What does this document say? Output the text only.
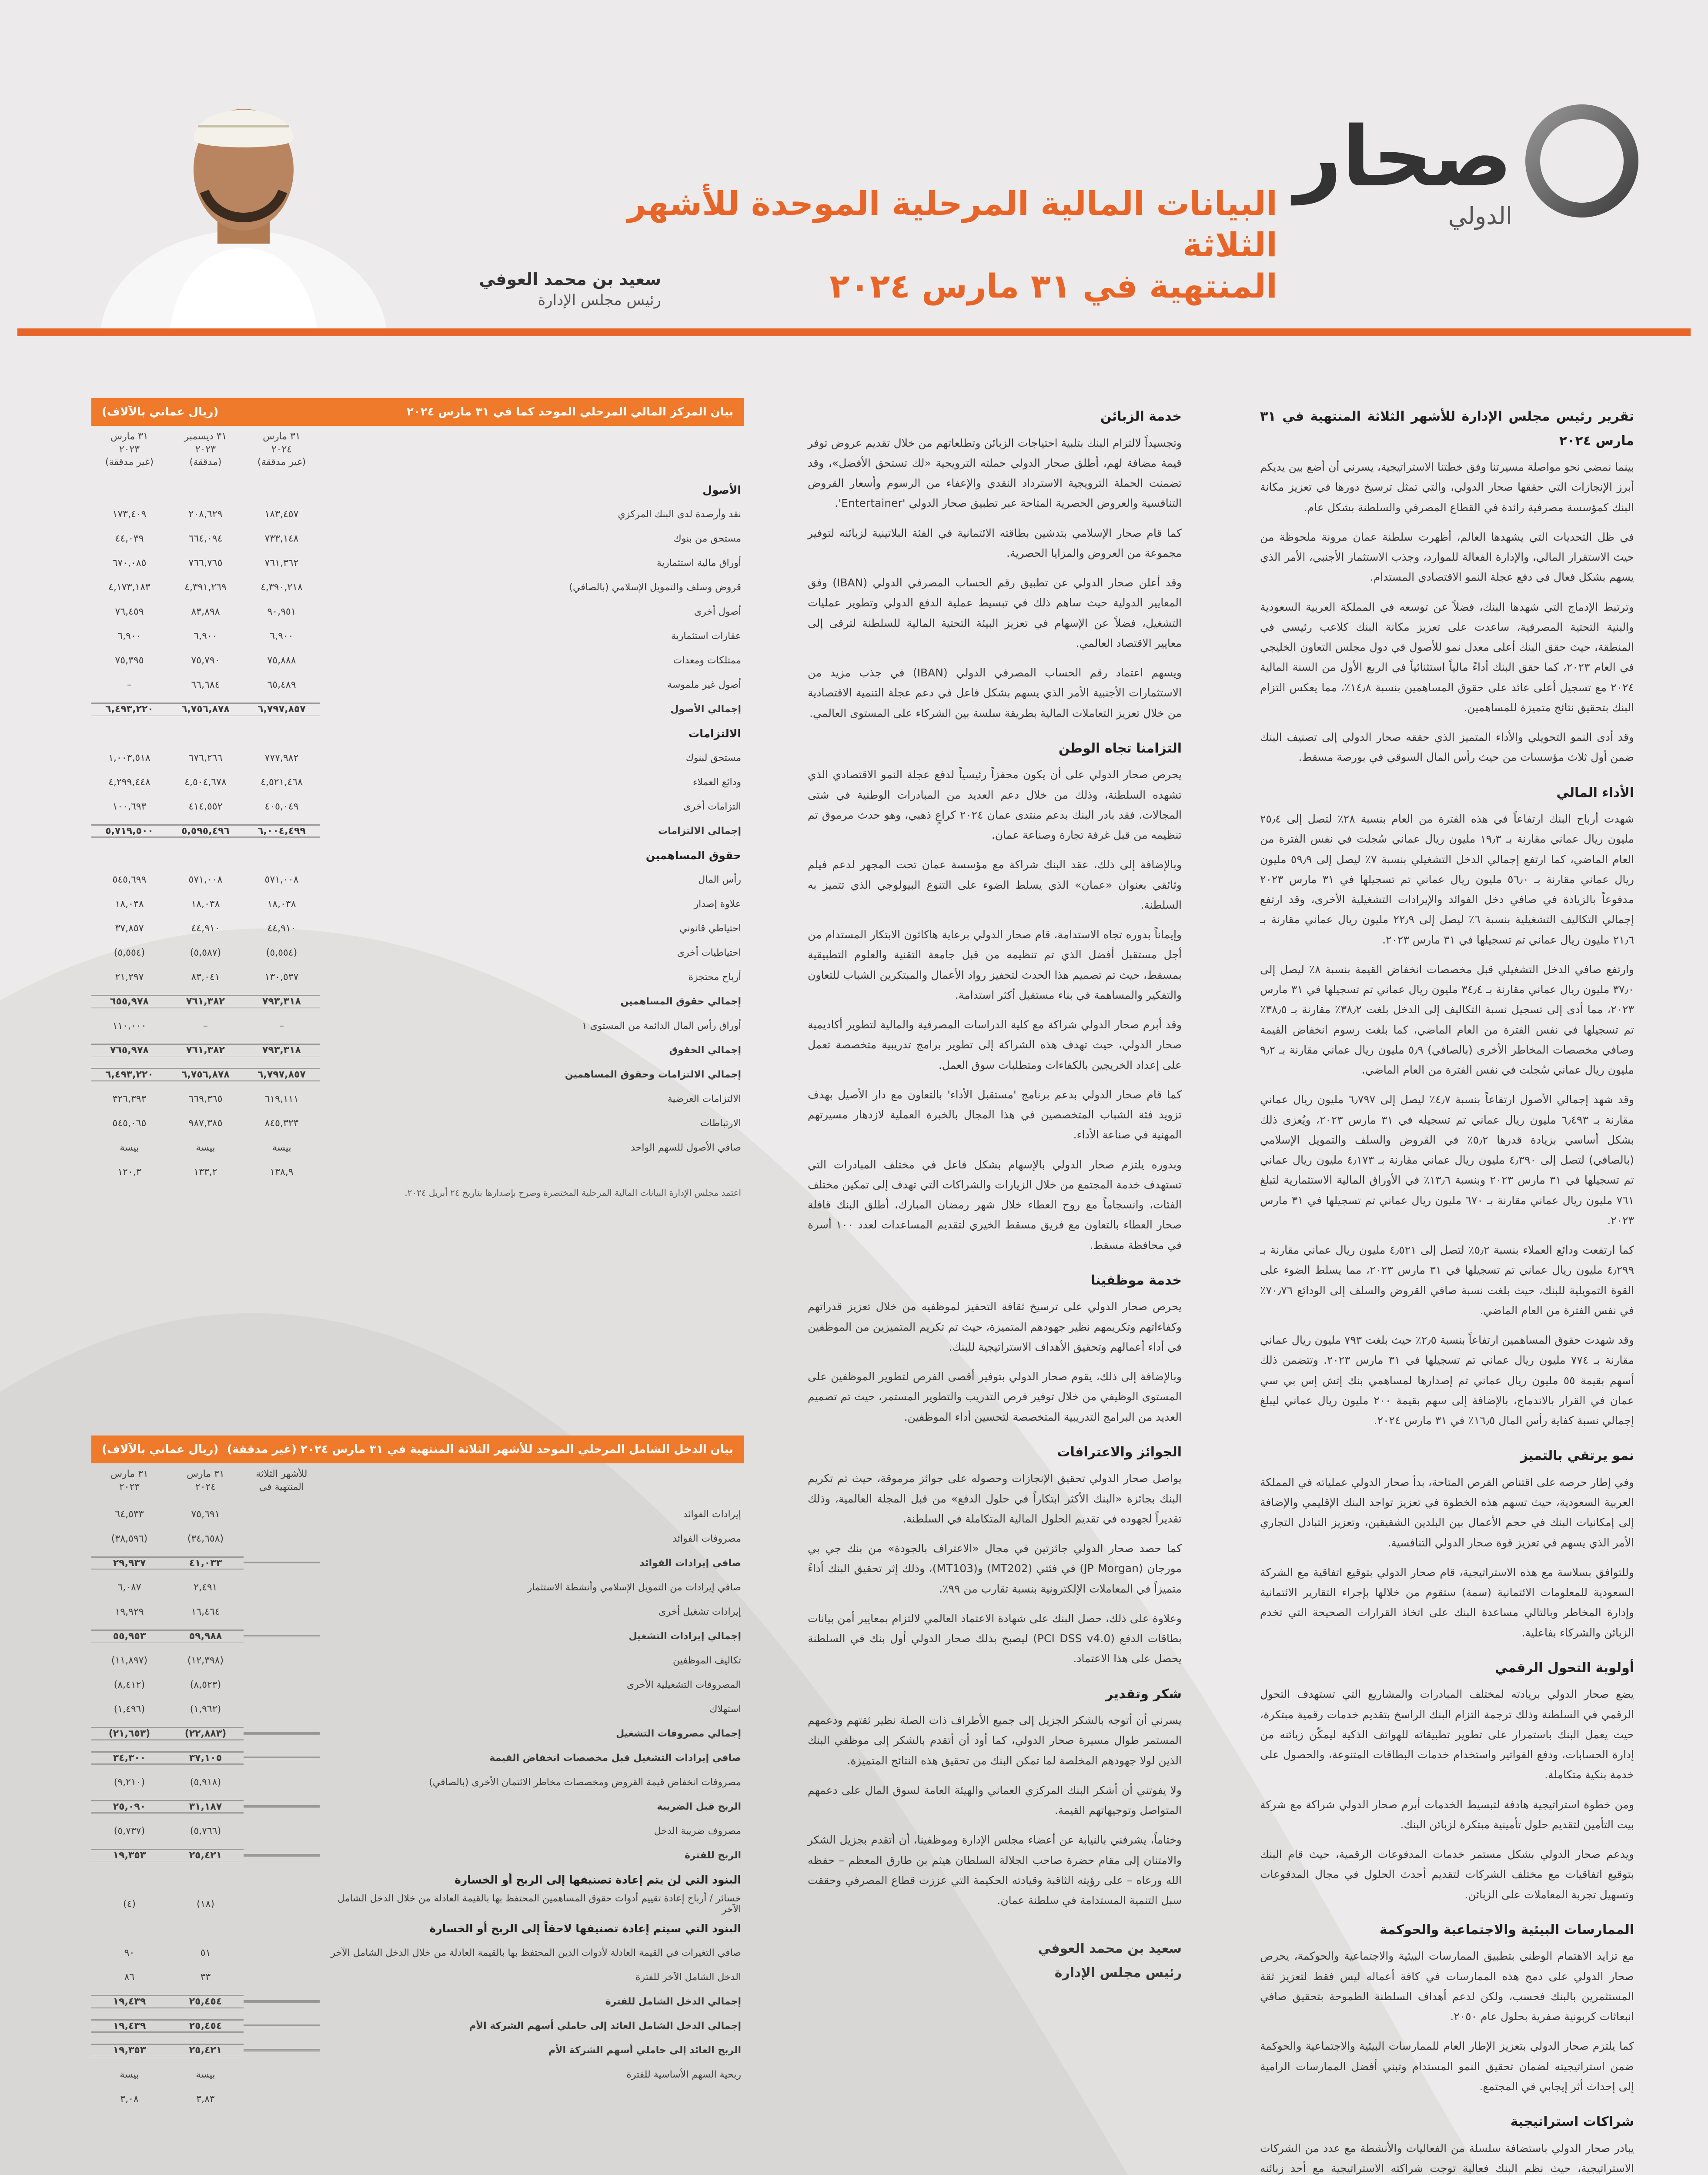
صحار
الدولي
البيانات المالية المرحلية الموحدة للأشهر الثلاثة
المنتهية في ٣١ مارس ٢٠٢٤
سعيد بن محمد العوفي
رئيس مجلس الإدارة
تقرير رئيس مجلس الإدارة للأشهر الثلاثة المنتهية في ٣١ مارس ٢٠٢٤

بينما نمضي نحو مواصلة مسيرتنا وفق خطتنا الاستراتيجية، يسرني أن أضع بين يديكم أبرز الإنجازات التي حققها صحار الدولي، والتي تمثل ترسيخ دورها في تعزيز مكانة البنك كمؤسسة مصرفية رائدة في القطاع المصرفي والسلطنة بشكل عام.

في ظل التحديات التي يشهدها العالم، أظهرت سلطنة عمان مرونة ملحوظة من حيث الاستقرار المالي، والإدارة الفعالة للموارد، وجذب الاستثمار الأجنبي، الأمر الذي يسهم بشكل فعال في دفع عجلة النمو الاقتصادي المستدام.

وترتبط الإدماج التي شهدها البنك، فضلاً عن توسعه في المملكة العربية السعودية والبنية التحتية المصرفية، ساعدت على تعزيز مكانة البنك كلاعب رئيسي في المنطقة، حيث حقق البنك أعلى معدل نمو للأصول في دول مجلس التعاون الخليجي في العام ٢٠٢٣، كما حقق البنك أداءً مالياً استثنائياً في الربع الأول من السنة المالية ٢٠٢٤ مع تسجيل أعلى عائد على حقوق المساهمين بنسبة ١٤٫٨٪، مما يعكس التزام البنك بتحقيق نتائج متميزة للمساهمين.

وقد أدى النمو التحويلي والأداء المتميز الذي حققه صحار الدولي إلى تصنيف البنك ضمن أول ثلاث مؤسسات من حيث رأس المال السوقي في بورصة مسقط.

الأداء المالي

شهدت أرباح البنك ارتفاعاً في هذه الفترة من العام بنسبة ٢٨٪ لتصل إلى ٢٥٫٤ مليون ريال عماني مقارنة بـ ١٩٫٣ مليون ريال عماني سُجلت في نفس الفترة من العام الماضي، كما ارتفع إجمالي الدخل التشغيلي بنسبة ٧٪ ليصل إلى ٥٩٫٩ مليون ريال عماني مقارنة بـ ٥٦٫٠ مليون ريال عماني تم تسجيلها في ٣١ مارس ٢٠٢٣ مدفوعاً بالزيادة في صافي دخل الفوائد والإيرادات التشغيلية الأخرى، وقد ارتفع إجمالي التكاليف التشغيلية بنسبة ٦٪ ليصل إلى ٢٢٫٩ مليون ريال عماني مقارنة بـ ٢١٫٦ مليون ريال عماني تم تسجيلها في ٣١ مارس ٢٠٢٣.

وارتفع صافي الدخل التشغيلي قبل مخصصات انخفاض القيمة بنسبة ٨٪ ليصل إلى ٣٧٫٠ مليون ريال عماني مقارنة بـ ٣٤٫٤ مليون ريال عماني تم تسجيلها في ٣١ مارس ٢٠٢٣، مما أدى إلى تسجيل نسبة التكاليف إلى الدخل بلغت ٣٨٫٢٪ مقارنة بـ ٣٨٫٥٪ تم تسجيلها في نفس الفترة من العام الماضي، كما بلغت رسوم انخفاض القيمة وصافي مخصصات المخاطر الأخرى (بالصافي) ٥٫٩ مليون ريال عماني مقارنة بـ ٩٫٢ مليون ريال عماني سُجلت في نفس الفترة من العام الماضي.

وقد شهد إجمالي الأصول ارتفاعاً بنسبة ٤٫٧٪ ليصل إلى ٦٫٧٩٧ مليون ريال عماني مقارنة بـ ٦٫٤٩٣ مليون ريال عماني تم تسجيله في ٣١ مارس ٢٠٢٣، ويُعزى ذلك بشكل أساسي بزيادة قدرها ٥٫٢٪ في القروض والسلف والتمويل الإسلامي (بالصافي) لتصل إلى ٤٫٣٩٠ مليون ريال عماني مقارنة بـ ٤٫١٧٣ مليون ريال عماني تم تسجيلها في ٣١ مارس ٢٠٢٣ وبنسبة ١٣٫٦٪ في الأوراق المالية الاستثمارية لتبلغ ٧٦١ مليون ريال عماني مقارنة بـ ٦٧٠ مليون ريال عماني تم تسجيلها في ٣١ مارس ٢٠٢٣.

كما ارتفعت ودائع العملاء بنسبة ٥٫٢٪ لتصل إلى ٤٫٥٢١ مليون ريال عماني مقارنة بـ ٤٫٢٩٩ مليون ريال عماني تم تسجيلها في ٣١ مارس ٢٠٢٣، مما يسلط الضوء على القوة التمويلية للبنك، حيث بلغت نسبة صافي القروض والسلف إلى الودائع ٧٠٫٧٦٪ في نفس الفترة من العام الماضي.

وقد شهدت حقوق المساهمين ارتفاعاً بنسبة ٢٫٥٪ حيث بلغت ٧٩٣ مليون ريال عماني مقارنة بـ ٧٧٤ مليون ريال عماني تم تسجيلها في ٣١ مارس ٢٠٢٣. وتتضمن ذلك أسهم بقيمة ٥٥ مليون ريال عماني تم إصدارها لمساهمي بنك إتش إس بي سي عمان في القرار بالاندماج، بالإضافة إلى سهم بقيمة ٢٠٠ مليون ريال عماني ليبلغ إجمالي نسبة كفاية رأس المال ١٦٫٥٪ في ٣١ مارس ٢٠٢٤.

نمو يرتقي بالتميز

وفي إطار حرصه على اقتناص الفرص المتاحة، بدأ صحار الدولي عملياته في المملكة العربية السعودية، حيث تسهم هذه الخطوة في تعزيز تواجد البنك الإقليمي والإضافة إلى إمكانيات البنك في حجم الأعمال بين البلدين الشقيقين، وتعزيز التبادل التجاري الأمر الذي يسهم في تعزيز قوة صحار الدولي التنافسية.

وللتوافق بسلاسة مع هذه الاستراتيجية، قام صحار الدولي بتوقيع اتفاقية مع الشركة السعودية للمعلومات الائتمانية (سمة) ستقوم من خلالها بإجراء التقارير الائتمانية وإدارة المخاطر وبالتالي مساعدة البنك على اتخاذ القرارات الصحيحة التي تخدم الزبائن والشركاء بفاعلية.

أولوية التحول الرقمي

يضع صحار الدولي بريادته لمختلف المبادرات والمشاريع التي تستهدف التحول الرقمي في السلطنة وذلك ترجمة التزام البنك الراسخ بتقديم خدمات رقمية مبتكرة، حيث يعمل البنك باستمرار على تطوير تطبيقاته للهواتف الذكية ليمكّن زبائنه من إدارة الحسابات، ودفع الفواتير واستخدام خدمات البطاقات المتنوعة، والحصول على خدمة بنكية متكاملة.

ومن خطوة استراتيجية هادفة لتبسيط الخدمات أبرم صحار الدولي شراكة مع شركة بيت التأمين لتقديم حلول تأمينية مبتكرة لزبائن البنك.

ويدعم صحار الدولي بشكل مستمر خدمات المدفوعات الرقمية، حيث قام البنك بتوقيع اتفاقيات مع مختلف الشركات لتقديم أحدث الحلول في مجال المدفوعات وتسهيل تجربة المعاملات على الزبائن.

الممارسات البيئية والاجتماعية والحوكمة

مع تزايد الاهتمام الوطني بتطبيق الممارسات البيئية والاجتماعية والحوكمة، يحرص صحار الدولي على دمج هذه الممارسات في كافة أعماله ليس فقط لتعزيز ثقة المستثمرين بالبنك فحسب، ولكن لدعم أهداف السلطنة الطموحة بتحقيق صافي انبعاثات كربونية صفرية بحلول عام ٢٠٥٠.

كما يلتزم صحار الدولي بتعزيز الإطار العام للممارسات البيئية والاجتماعية والحوكمة ضمن استراتيجيته لضمان تحقيق النمو المستدام وتبني أفضل الممارسات الرامية إلى إحداث أثر إيجابي في المجتمع.

شراكات استراتيجية

يبادر صحار الدولي باستضافة سلسلة من الفعاليات والأنشطة مع عدد من الشركات الاستراتيجية، حيث نظم البنك فعالية توجت شراكته الاستراتيجية مع أحد زبائنه

خدمة الزبائن

وتجسيداً لالتزام البنك بتلبية احتياجات الزبائن وتطلعاتهم من خلال تقديم عروض توفر قيمة مضافة لهم، أطلق صحار الدولي حملته الترويجية «لك تستحق الأفضل»، وقد تضمنت الحملة الترويجية الاسترداد النقدي والإعفاء من الرسوم وأسعار القروض التنافسية والعروض الحصرية المتاحة عبر تطبيق صحار الدولي 'Entertainer'.

كما قام صحار الإسلامي بتدشين بطاقته الائتمانية في الفئة البلاتينية لزبائنه لتوفير مجموعة من العروض والمزايا الحصرية.

وقد أعلن صحار الدولي عن تطبيق رقم الحساب المصرفي الدولي (IBAN) وفق المعايير الدولية حيث ساهم ذلك في تبسيط عملية الدفع الدولي وتطوير عمليات التشغيل، فضلاً عن الإسهام في تعزيز البيئة التحتية المالية للسلطنة لترقى إلى معايير الاقتصاد العالمي.

ويسهم اعتماد رقم الحساب المصرفي الدولي (IBAN) في جذب مزيد من الاستثمارات الأجنبية الأمر الذي يسهم بشكل فاعل في دعم عجلة التنمية الاقتصادية من خلال تعزيز التعاملات المالية بطريقة سلسة بين الشركاء على المستوى العالمي.

التزامنا تجاه الوطن

يحرص صحار الدولي على أن يكون محفزاً رئيسياً لدفع عجلة النمو الاقتصادي الذي تشهده السلطنة، وذلك من خلال دعم العديد من المبادرات الوطنية في شتى المجالات. فقد بادر البنك بدعم منتدى عمان ٢٠٢٤ كراعٍ ذهبي، وهو حدث مرموق تم تنظيمه من قبل غرفة تجارة وصناعة عمان.

وبالإضافة إلى ذلك، عقد البنك شراكة مع مؤسسة عمان تحت المجهر لدعم فيلم وثائقي بعنوان «عمان» الذي يسلط الضوء على التنوع البيولوجي الذي تتميز به السلطنة.

وإيماناً بدوره تجاه الاستدامة، قام صحار الدولي برعاية هاكاثون الابتكار المستدام من أجل مستقبل أفضل الذي تم تنظيمه من قبل جامعة التقنية والعلوم التطبيقية بمسقط، حيث تم تصميم هذا الحدث لتحفيز رواد الأعمال والمبتكرين الشباب للتعاون والتفكير والمساهمة في بناء مستقبل أكثر استدامة.

وقد أبرم صحار الدولي شراكة مع كلية الدراسات المصرفية والمالية لتطوير أكاديمية صحار الدولي، حيث تهدف هذه الشراكة إلى تطوير برامج تدريبية متخصصة تعمل على إعداد الخريجين بالكفاءات ومتطلبات سوق العمل.

كما قام صحار الدولي بدعم برنامج 'مستقبل الأداء' بالتعاون مع دار الأصيل بهدف تزويد فئة الشباب المتخصصين في هذا المجال بالخبرة العملية لازدهار مسيرتهم المهنية في صناعة الأداء.

وبدوره يلتزم صحار الدولي بالإسهام بشكل فاعل في مختلف المبادرات التي تستهدف خدمة المجتمع من خلال الزيارات والشراكات التي تهدف إلى تمكين مختلف الفئات، وانسجاماً مع روح العطاء خلال شهر رمضان المبارك، أطلق البنك قافلة صحار العطاء بالتعاون مع فريق مسقط الخيري لتقديم المساعدات لعدد ١٠٠ أسرة في محافظة مسقط.

خدمة موظفينا

يحرص صحار الدولي على ترسيخ ثقافة التحفيز لموظفيه من خلال تعزيز قدراتهم وكفاءاتهم وتكريمهم نظير جهودهم المتميزة، حيث تم تكريم المتميزين من الموظفين في أداء أعمالهم وتحقيق الأهداف الاستراتيجية للبنك.

وبالإضافة إلى ذلك، يقوم صحار الدولي بتوفير أقصى الفرص لتطوير الموظفين على المستوى الوظيفي من خلال توفير فرص التدريب والتطوير المستمر، حيث تم تصميم العديد من البرامج التدريبية المتخصصة لتحسين أداء الموظفين.

الجوائز والاعترافات

يواصل صحار الدولي تحقيق الإنجازات وحصوله على جوائز مرموقة، حيث تم تكريم البنك بجائزة «البنك الأكثر ابتكاراً في حلول الدفع» من قبل المجلة العالمية، وذلك تقديراً لجهوده في تقديم الحلول المالية المتكاملة في السلطنة.

كما حصد صحار الدولي جائزتين في مجال «الاعتراف بالجودة» من بنك جي بي مورجان (JP Morgan) في فئتي (MT202) و(MT103)، وذلك إثر تحقيق البنك أداءً متميزاً في المعاملات الإلكترونية بنسبة تقارب من ٩٩٪.

وعلاوة على ذلك، حصل البنك على شهادة الاعتماد العالمي لالتزام بمعايير أمن بيانات بطاقات الدفع (PCI DSS v4.0) ليصبح بذلك صحار الدولي أول بنك في السلطنة يحصل على هذا الاعتماد.

شكر وتقدير

يسرني أن أتوجه بالشكر الجزيل إلى جميع الأطراف ذات الصلة نظير ثقتهم ودعمهم المستمر طوال مسيرة صحار الدولي، كما أود أن أتقدم بالشكر إلى موظفي البنك الذين لولا جهودهم المخلصة لما تمكن البنك من تحقيق هذه النتائج المتميزة.

ولا يفوتني أن أشكر البنك المركزي العماني والهيئة العامة لسوق المال على دعمهم المتواصل وتوجيهاتهم القيمة.

وختاماً، يشرفني بالنيابة عن أعضاء مجلس الإدارة وموظفينا، أن أتقدم بجزيل الشكر والامتنان إلى مقام حضرة صاحب الجلالة السلطان هيثم بن طارق المعظم – حفظه الله ورعاه – على رؤيته الثاقبة وقيادته الحكيمة التي عززت قطاع المصرفي وحققت سبل التنمية المستدامة في سلطنة عمان.

سعيد بن محمد العوفي
رئيس مجلس الإدارة
بيان المركز المالي المرحلي الموحد كما في ٣١ مارس ٢٠٢٤
(ريال عماني بالآلاف)
٣١ مارس
٢٠٢٤
(غير مدققة)
٣١ ديسمبر
٢٠٢٣
(مدققة)
٣١ مارس
٢٠٢٣
(غير مدققة)
الأصول
نقد وأرصدة لدى البنك المركزي
١٨٣,٤٥٧
٢٠٨,٦٢٩
١٧٣,٤٠٩
مستحق من بنوك
٧٣٣,١٤٨
٦٦٤,٠٩٤
٤٤,٠٣٩
أوراق مالية استثمارية
٧٦١,٣٦٢
٧٦٦,٧٦٥
٦٧٠,٠٨٥
قروض وسلف والتمويل الإسلامي (بالصافي)
٤,٣٩٠,٢١٨
٤,٣٩١,٢٦٩
٤,١٧٣,١٨٣
أصول أخرى
٩٠,٩٥١
٨٣,٨٩٨
٧٦,٤٥٩
عقارات استثمارية
٦,٩٠٠
٦,٩٠٠
٦,٩٠٠
ممتلكات ومعدات
٧٥,٨٨٨
٧٥,٧٩٠
٧٥,٣٩٥
أصول غير ملموسة
٦٥,٤٨٩
٦٦,٦٨٤
–
إجمالي الأصول
٦,٧٩٧,٨٥٧
٦,٧٥٦,٨٧٨
٦,٤٩٣,٢٢٠
الالتزامات
مستحق لبنوك
٧٧٧,٩٨٢
٦٧٦,٢٦٦
١,٠٠٣,٥١٨
ودائع العملاء
٤,٥٢١,٤٦٨
٤,٥٠٤,٦٧٨
٤,٢٩٩,٤٤٨
التزامات أخرى
٤٠٥,٠٤٩
٤١٤,٥٥٢
١٠٠,٦٩٣
إجمالي الالتزامات
٦,٠٠٤,٤٩٩
٥,٥٩٥,٤٩٦
٥,٧١٩,٥٠٠
حقوق المساهمين
رأس المال
٥٧١,٠٠٨
٥٧١,٠٠٨
٥٤٥,٦٩٩
علاوة إصدار
١٨,٠٣٨
١٨,٠٣٨
١٨,٠٣٨
احتياطي قانوني
٤٤,٩١٠
٤٤,٩١٠
٣٧,٨٥٧
احتياطيات أخرى
(٥,٥٥٤)
(٥,٥٨٧)
(٥,٥٥٤)
أرباح محتجزة
١٣٠,٥٣٧
٨٣,٠٤١
٢١,٢٩٧
إجمالي حقوق المساهمين
٧٩٣,٣١٨
٧٦١,٣٨٢
٦٥٥,٩٧٨
أوراق رأس المال الدائمة من المستوى ١
–
–
١١٠,٠٠٠
إجمالي الحقوق
٧٩٣,٣١٨
٧٦١,٣٨٢
٧٦٥,٩٧٨
إجمالي الالتزامات وحقوق المساهمين
٦,٧٩٧,٨٥٧
٦,٧٥٦,٨٧٨
٦,٤٩٣,٢٢٠
الالتزامات العرضية
٦١٩,١١١
٦٦٩,٣٦٥
٣٢٦,٣٩٣
الارتباطات
٨٤٥,٣٢٣
٩٨٧,٣٨٥
٥٤٥,٠٦٥
صافي الأصول للسهم الواحد
بيسة
بيسة
بيسة
١٣٨,٩
١٣٣,٢
١٢٠,٣
اعتمد مجلس الإدارة البيانات المالية المرحلية المختصرة وصرح بإصدارها بتاريخ ٢٤ أبريل ٢٠٢٤.
بيان الدخل الشامل المرحلي الموحد للأشهر الثلاثة المنتهية في ٣١ مارس ٢٠٢٤ (غير مدققة)
(ريال عماني بالآلاف)
للأشهر الثلاثة المنتهية في
٣١ مارس
٢٠٢٤
٣١ مارس
٢٠٢٣
إيرادات الفوائد
٧٥,٦٩١
٦٤,٥٣٣
مصروفات الفوائد
(٣٤,٦٥٨)
(٣٨,٥٩٦)
صافي إيرادات الفوائد
٤١,٠٣٣
٢٩,٩٣٧
صافي إيرادات من التمويل الإسلامي وأنشطة الاستثمار
٢,٤٩١
٦,٠٨٧
إيرادات تشغيل أخرى
١٦,٤٦٤
١٩,٩٢٩
إجمالي إيرادات التشغيل
٥٩,٩٨٨
٥٥,٩٥٣
تكاليف الموظفين
(١٢,٣٩٨)
(١١,٨٩٧)
المصروفات التشغيلية الأخرى
(٨,٥٢٣)
(٨,٤١٢)
استهلاك
(١,٩٦٢)
(١,٤٩٦)
إجمالي مصروفات التشغيل
(٢٢,٨٨٣)
(٢١,٦٥٣)
صافي إيرادات التشغيل قبل مخصصات انخفاض القيمة
٣٧,١٠٥
٣٤,٣٠٠
مصروفات انخفاض قيمة القروض ومخصصات مخاطر الائتمان الأخرى (بالصافي)
(٥,٩١٨)
(٩,٢١٠)
الربح قبل الضريبة
٣١,١٨٧
٢٥,٠٩٠
مصروف ضريبة الدخل
(٥,٧٦٦)
(٥,٧٣٧)
الربح للفترة
٢٥,٤٢١
١٩,٣٥٣
البنود التي لن يتم إعادة تصنيفها إلى الربح أو الخسارة
خسائر / أرباح إعادة تقييم أدوات حقوق المساهمين المحتفظ بها بالقيمة العادلة من خلال الدخل الشامل الآخر
(١٨)
(٤)
البنود التي سيتم إعادة تصنيفها لاحقاً إلى الربح أو الخسارة
صافي التغيرات في القيمة العادلة لأدوات الدين المحتفظ بها بالقيمة العادلة من خلال الدخل الشامل الآخر
٥١
٩٠
الدخل الشامل الآخر للفترة
٣٣
٨٦
إجمالي الدخل الشامل للفترة
٢٥,٤٥٤
١٩,٤٣٩
إجمالي الدخل الشامل العائد إلى حاملي أسهم الشركة الأم
٢٥,٤٥٤
١٩,٤٣٩
الربح العائد إلى حاملي أسهم الشركة الأم
٢٥,٤٢١
١٩,٣٥٣
ربحية السهم الأساسية للفترة
بيسة
بيسة
٣,٨٣
٣,٠٨
